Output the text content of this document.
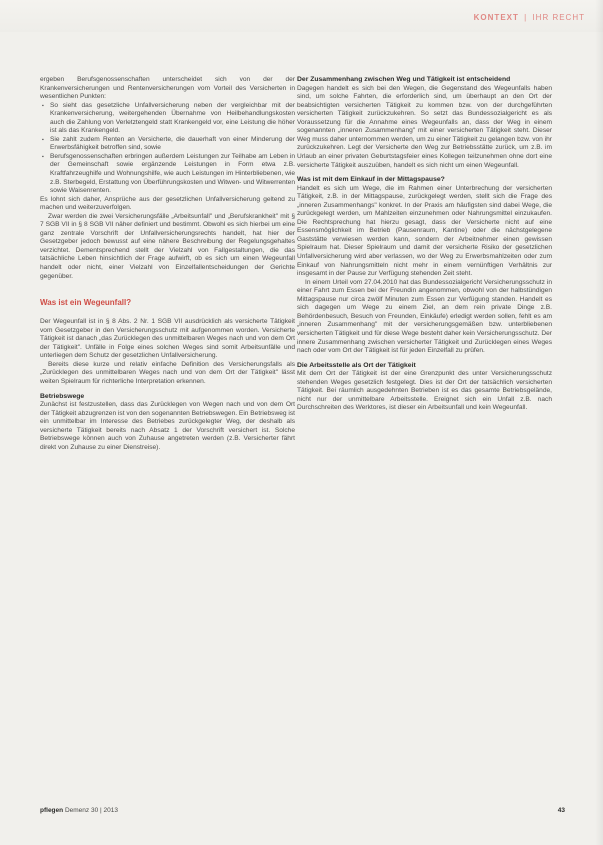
KONTEXT | IHR RECHT

ergeben Berufsgenossenschaften unterscheidet sich von der der Krankenversicherungen und Rentenversicherungen vom Vorteil des Versicherten in wesentlichen Punkten:

▪ So sieht das gesetzliche Unfallversicherung neben der vergleichbar mit der Krankenversicherung, weitergehenden Übernahme von Heilbehandlungskosten auch die Zahlung von Verletztengeld statt Krankengeld vor, eine Leistung die höher ist als das Krankengeld.
▪ Sie zahlt zudem Renten an Versicherte, die dauerhaft von einer Minderung der Erwerbsfähigkeit betroffen sind, sowie
▪ Berufsgenossenschaften erbringen außerdem Leistungen zur Teilhabe am Leben in der Gemeinschaft sowie ergänzende Leistungen in Form etwa z.B. Kraftfahrzeughilfe und Wohnungshilfe, wie auch Leistungen im Hinterbliebenen, wie z.B. Sterbegeld, Erstattung von Überführungskosten und Witwen- und Witwerrenten sowie Waisenrenten.

Es lohnt sich daher, Ansprüche aus der gesetzlichen Unfallversicherung geltend zu machen und weiterzuverfolgen.

Zwar werden die zwei Versicherungsfälle „Arbeitsunfall" und „Berufskrankheit" mit § 7 SGB VII in § 8 SGB VII näher definiert und bestimmt. Obwohl es sich hierbei um eine ganz zentrale Vorschrift der Unfallversicherungsrechts handelt, hat hier der Gesetzgeber jedoch bewusst auf eine nähere Beschreibung der Regelungsgehaltes verzichtet. Dementsprechend stellt der Vielzahl von Fallgestaltungen, die das tatsächliche Leben hinsichtlich der Frage aufwirft, ob es sich um einen Wegeunfall handelt oder nicht, einer Vielzahl von Einzelfallentscheidungen der Gerichte gegenüber.

Was ist ein Wegeunfall?

Der Wegeunfall ist in § 8 Abs. 2 Nr. 1 SGB VII ausdrücklich als versicherte Tätigkeit vom Gesetzgeber in den Versicherungsschutz mit aufgenommen worden. Versicherte Tätigkeit ist danach „das Zurücklegen des unmittelbaren Weges nach und von dem Ort der Tätigkeit". Unfälle in Folge eines solchen Weges sind somit Arbeitsunfälle und unterliegen dem Schutz der gesetzlichen Unfallversicherung.

Bereits diese kurze und relativ einfache Definition des Versicherungsfalls als „Zurücklegen des unmittelbaren Weges nach und von dem Ort der Tätigkeit" lässt weiten Spielraum für richterliche Interpretation erkennen.

Betriebswege

Zunächst ist festzustellen, dass das Zurücklegen von Wegen nach und von dem Ort der Tätigkeit abzugrenzen ist von den sogenannten Betriebswegen. Ein Betriebsweg ist ein unmittelbar im Interesse des Betriebes zurückgelegter Weg, der deshalb als versicherte Tätigkeit bereits nach Absatz 1 der Vorschrift versichert ist. Solche Betriebswege können auch von Zuhause angetreten werden (z.B. Versicherter fährt direkt von Zuhause zu einer Dienstreise).

Der Zusammenhang zwischen Weg und Tätigkeit ist entscheidend

Dagegen handelt es sich bei den Wegen, die Gegenstand des Wegeunfalls haben sind, um solche Fahrten, die erforderlich sind, um überhaupt an den Ort der beabsichtigten versicherten Tätigkeit zu kommen bzw. von der durchgeführten versicherten Tätigkeit zurückzukehren. So setzt das Bundessozialgericht es als Voraussetzung für die Annahme eines Wegeunfalls an, dass der Weg in einem sogenannten „inneren Zusammenhang" mit einer versicherten Tätigkeit steht. Dieser Weg muss daher unternommen werden, um zu einer Tätigkeit zu gelangen bzw. von ihr zurückzukehren. Legt der Versicherte den Weg zur Betriebsstätte zurück, um z.B. im Urlaub an einer privaten Geburtstagsfeier eines Kollegen teilzunehmen ohne dort eine versicherte Tätigkeit auszuüben, handelt es sich nicht um einen Wegeunfall.

Was ist mit dem Einkauf in der Mittagspause?

Handelt es sich um Wege, die im Rahmen einer Unterbrechung der versicherten Tätigkeit, z.B. in der Mittagspause, zurückgelegt werden, stellt sich die Frage des „inneren Zusammenhangs" konkret. In der Praxis am häufigsten sind dabei Wege, die zurückgelegt werden, um Mahlzeiten einzunehmen oder Nahrungsmittel einzukaufen. Die Rechtsprechung hat hierzu gesagt, dass der Versicherte nicht auf eine Essensmöglichkeit im Betrieb (Pausenraum, Kantine) oder die nächstgelegene Gaststätte verwiesen werden kann, sondern der Arbeitnehmer einen gewissen Spielraum hat. Dieser Spielraum und damit der versicherte Risiko der gesetzlichen Unfallversicherung wird aber verlassen, wo der Weg zu Erwerbsmahlzeiten oder zum Einkauf von Nahrungsmitteln nicht mehr in einem vernünftigen Verhältnis zur insgesamt in der Pause zur Verfügung stehenden Zeit steht.

In einem Urteil vom 27.04.2010 hat das Bundessozialgericht Versicherungsschutz in einer Fahrt zum Essen bei der Freundin angenommen, obwohl von der halbstündigen Mittagspause nur circa zwölf Minuten zum Essen zur Verfügung standen. Handelt es sich dagegen um Wege zu einem Ziel, an dem rein private Dinge z.B. Behördenbesuch, Besuch von Freunden, Einkäufe) erledigt werden sollen, fehlt es am „inneren Zusammenhang" mit der versicherungsgemäßen bzw. unterbliebenen versicherten Tätigkeit und für diese Wege besteht daher kein Versicherungsschutz. Der innere Zusammenhang zwischen versicherter Tätigkeit und Zurücklegen eines Weges nach oder vom Ort der Tätigkeit ist für jeden Einzelfall zu prüfen.

Die Arbeitsstelle als Ort der Tätigkeit

Mit dem Ort der Tätigkeit ist der eine Grenzpunkt des unter Versicherungsschutz stehenden Weges gesetzlich festgelegt. Dies ist der Ort der tatsächlich versicherten Tätigkeit. Bei räumlich ausgedehnten Betrieben ist es das gesamte Betriebsgelände, nicht nur der unmittelbare Arbeitsstelle. Ereignet sich ein Unfall z.B. nach Durchschreiten des Werktores, ist dieser ein Arbeitsunfall und kein Wegeunfall.

pflegen Demenz 30 | 2013	43
